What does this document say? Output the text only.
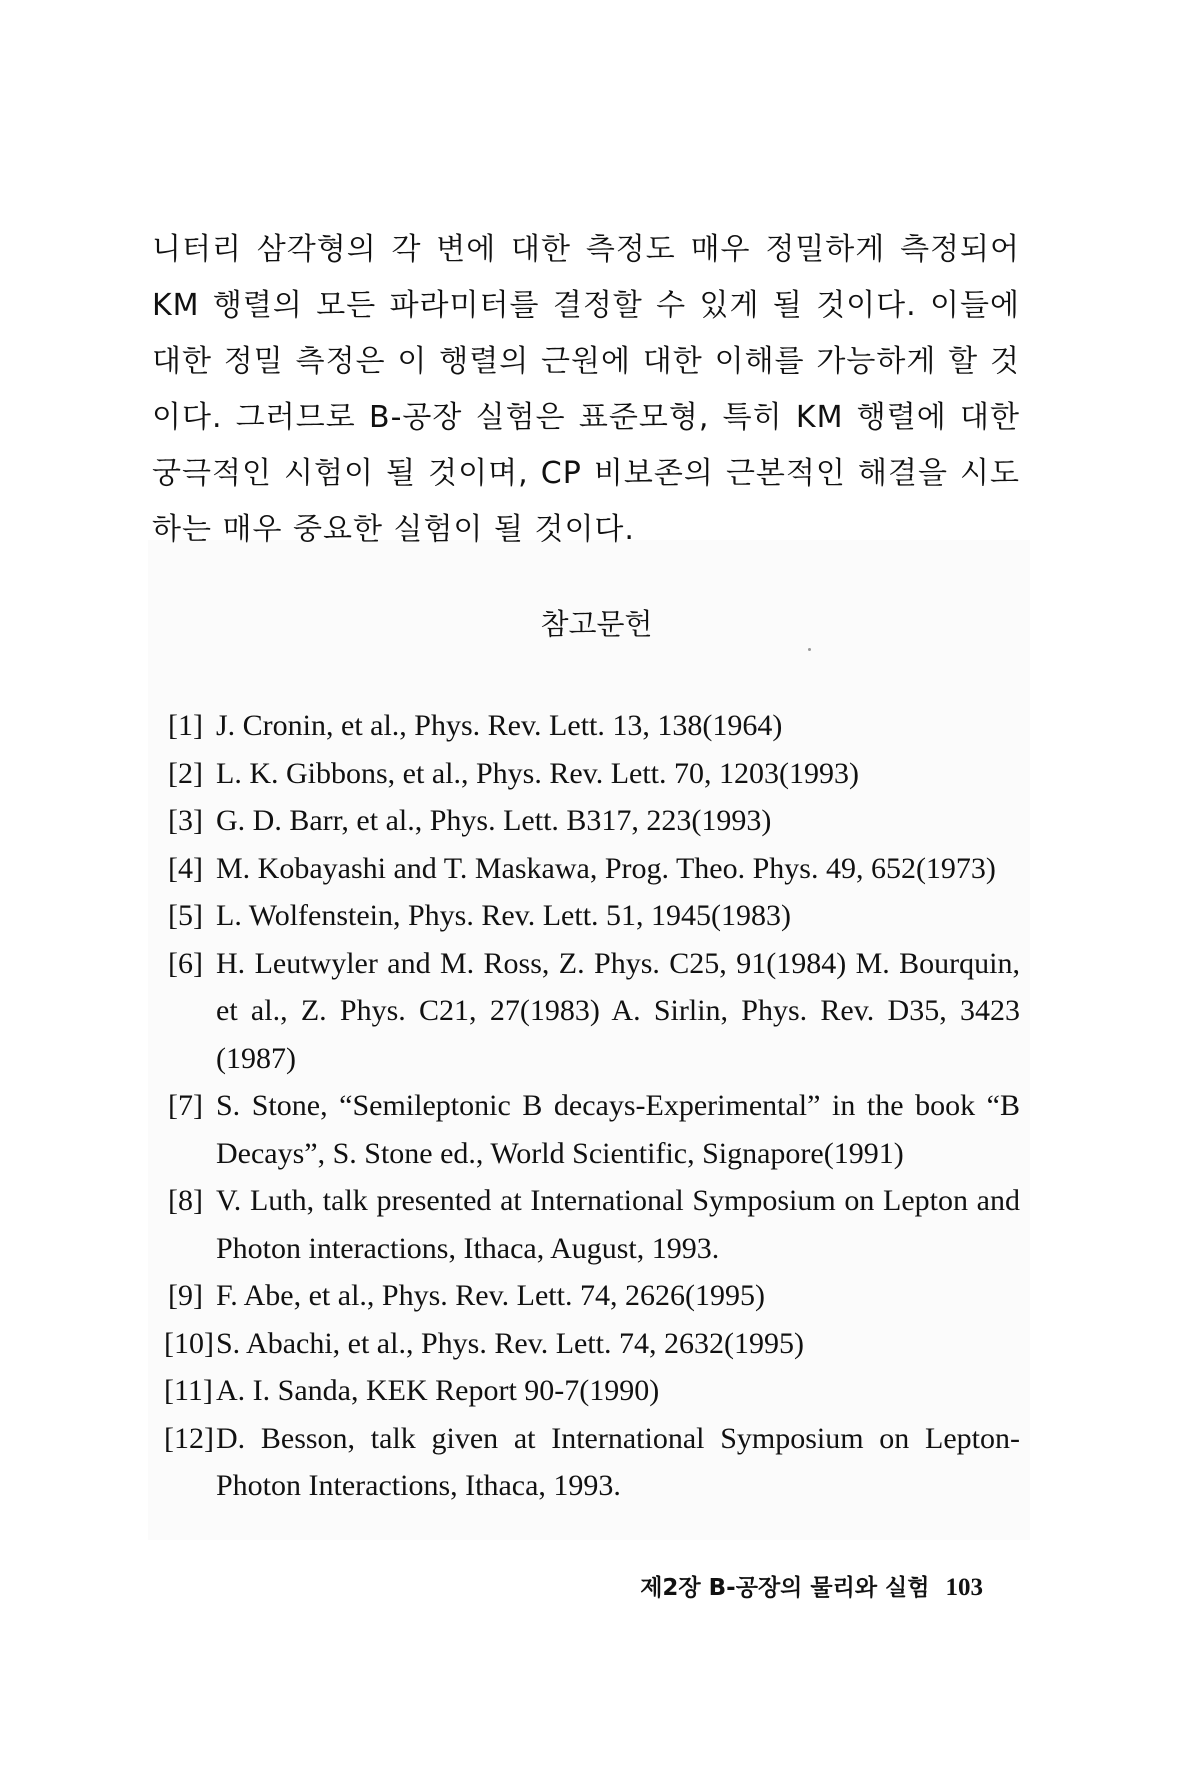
니터리 삼각형의 각 변에 대한 측정도 매우 정밀하게 측정되어 KM 행렬의 모든 파라미터를 결정할 수 있게 될 것이다. 이들에 대한 정밀 측정은 이 행렬의 근원에 대한 이해를 가능하게 할 것이다. 그러므로 B-공장 실험은 표준모형, 특히 KM 행렬에 대한 궁극적인 시험이 될 것이며, CP 비보존의 근본적인 해결을 시도하는 매우 중요한 실험이 될 것이다.

참고문헌
[1] J. Cronin, et al., Phys. Rev. Lett. 13, 138(1964)
[2] L. K. Gibbons, et al., Phys. Rev. Lett. 70, 1203(1993)
[3] G. D. Barr, et al., Phys. Lett. B317, 223(1993)
[4] M. Kobayashi and T. Maskawa, Prog. Theo. Phys. 49, 652(1973)
[5] L. Wolfenstein, Phys. Rev. Lett. 51, 1945(1983)
[6] H. Leutwyler and M. Ross, Z. Phys. C25, 91(1984) M. Bourquin, et al., Z. Phys. C21, 27(1983) A. Sirlin, Phys. Rev. D35, 3423 (1987)
[7] S. Stone, “Semileptonic B decays-Experimental” in the book “B Decays”, S. Stone ed., World Scientific, Signapore(1991)
[8] V. Luth, talk presented at International Symposium on Lepton and Photon interactions, Ithaca, August, 1993.
[9] F. Abe, et al., Phys. Rev. Lett. 74, 2626(1995)
[10] S. Abachi, et al., Phys. Rev. Lett. 74, 2632(1995)
[11] A. I. Sanda, KEK Report 90-7(1990)
[12] D. Besson, talk given at International Symposium on Lepton-Photon Interactions, Ithaca, 1993.
제2장 B-공장의 물리와 실험 103
